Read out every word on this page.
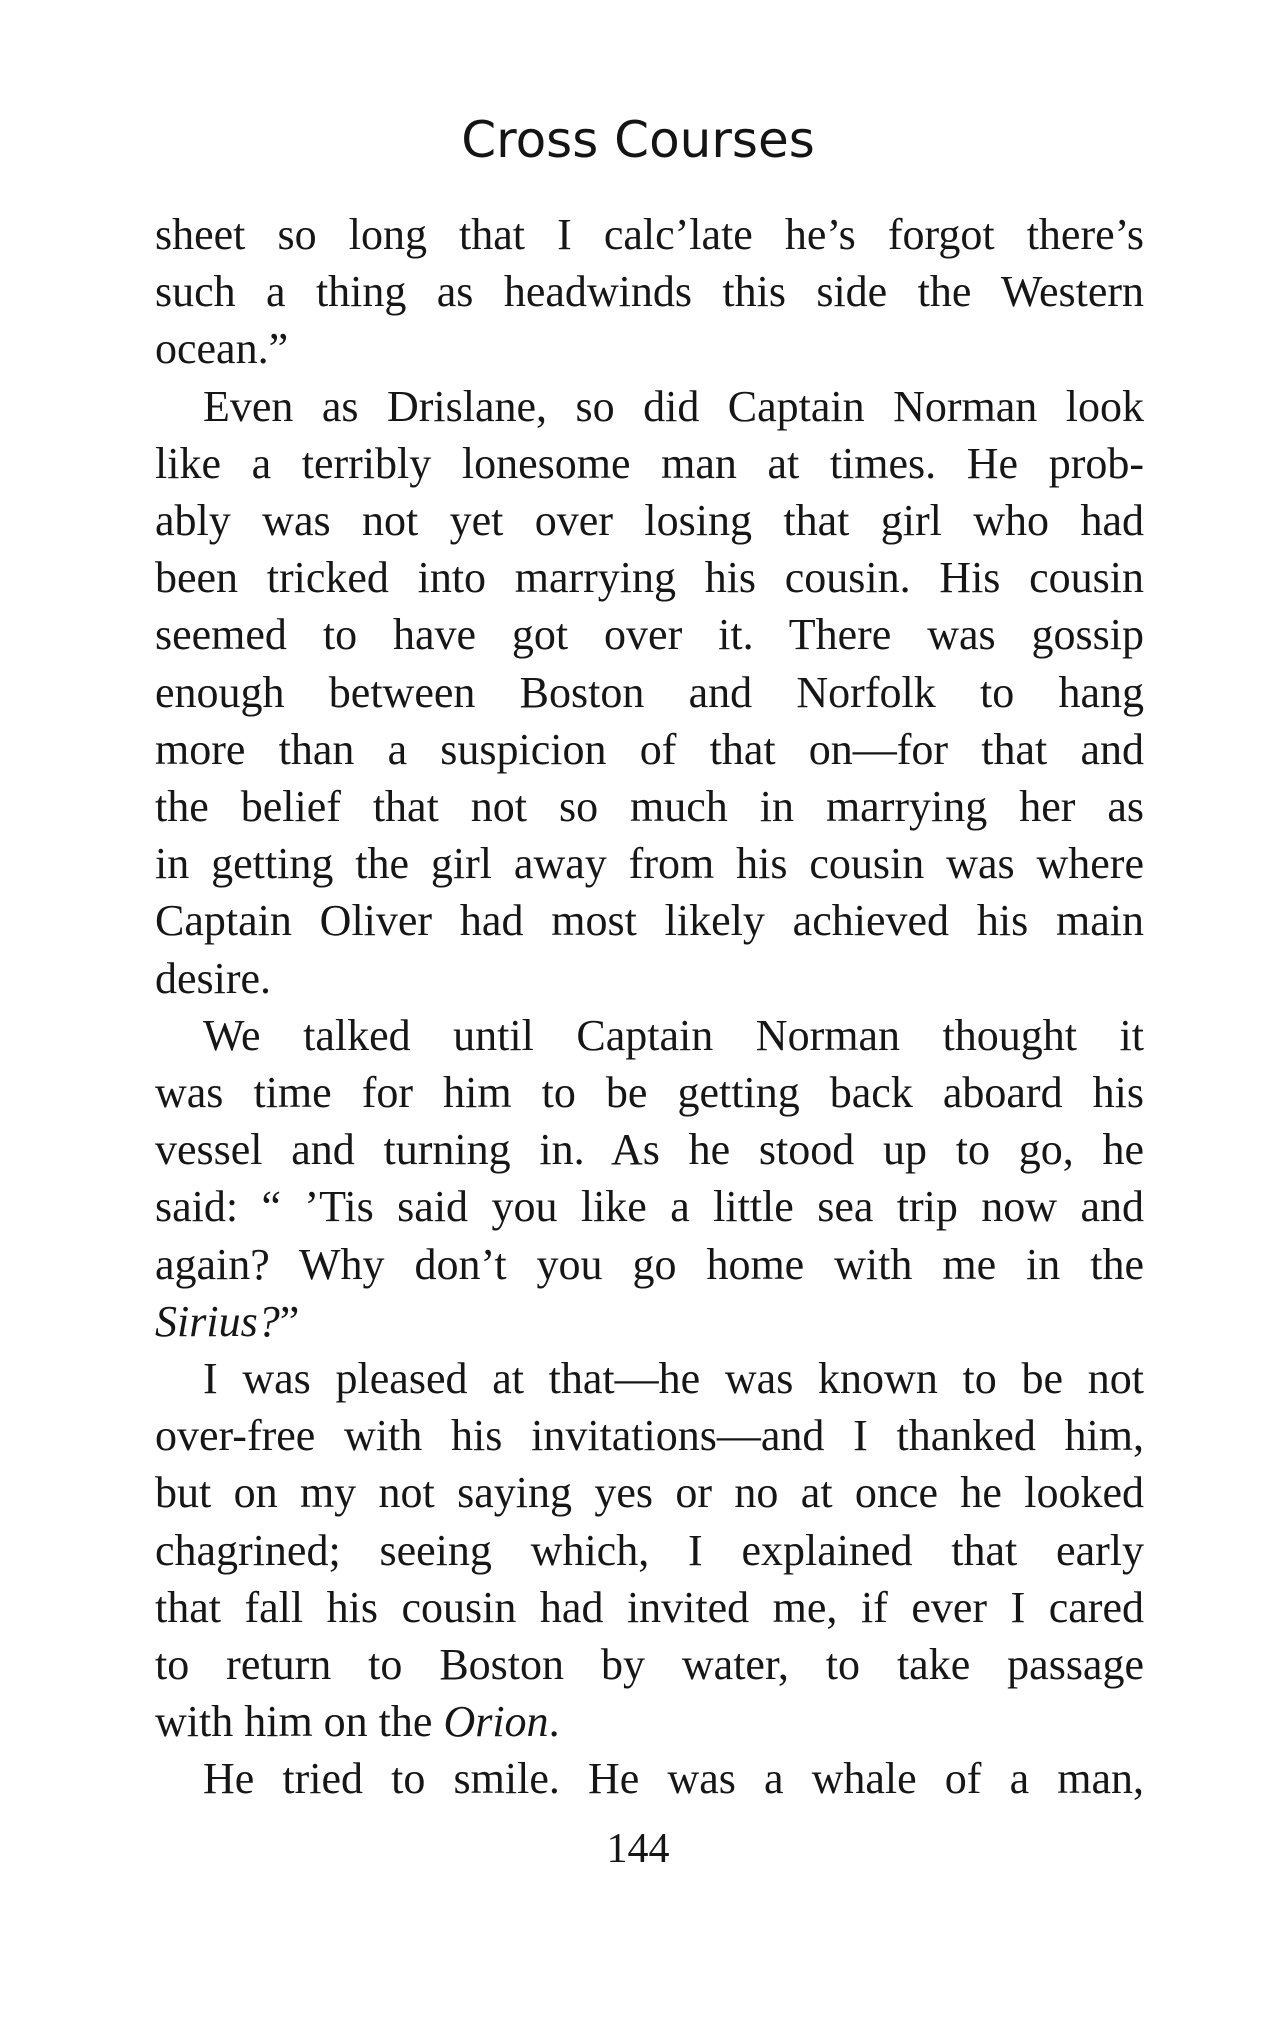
Cross Courses

sheet so long that I calc’late he’s forgot there’s
such a thing as headwinds this side the Western
ocean.”

Even as Drislane, so did Captain Norman look
like a terribly lonesome man at times. He prob-
ably was not yet over losing that girl who had
been tricked into marrying his cousin. His cousin
seemed to have got over it. There was gossip
enough between Boston and Norfolk to hang
more than a suspicion of that on—for that and
the belief that not so much in marrying her as
in getting the girl away from his cousin was where
Captain Oliver had most likely achieved his main
desire.

We talked until Captain Norman thought it
was time for him to be getting back aboard his
vessel and turning in. As he stood up to go, he
said: “ ’Tis said you like a little sea trip now and
again? Why don’t you go home with me in the
Sirius?”

I was pleased at that—he was known to be not
over-free with his invitations—and I thanked him,
but on my not saying yes or no at once he looked
chagrined; seeing which, I explained that early
that fall his cousin had invited me, if ever I cared
to return to Boston by water, to take passage
with him on the Orion.

He tried to smile. He was a whale of a man,

144
